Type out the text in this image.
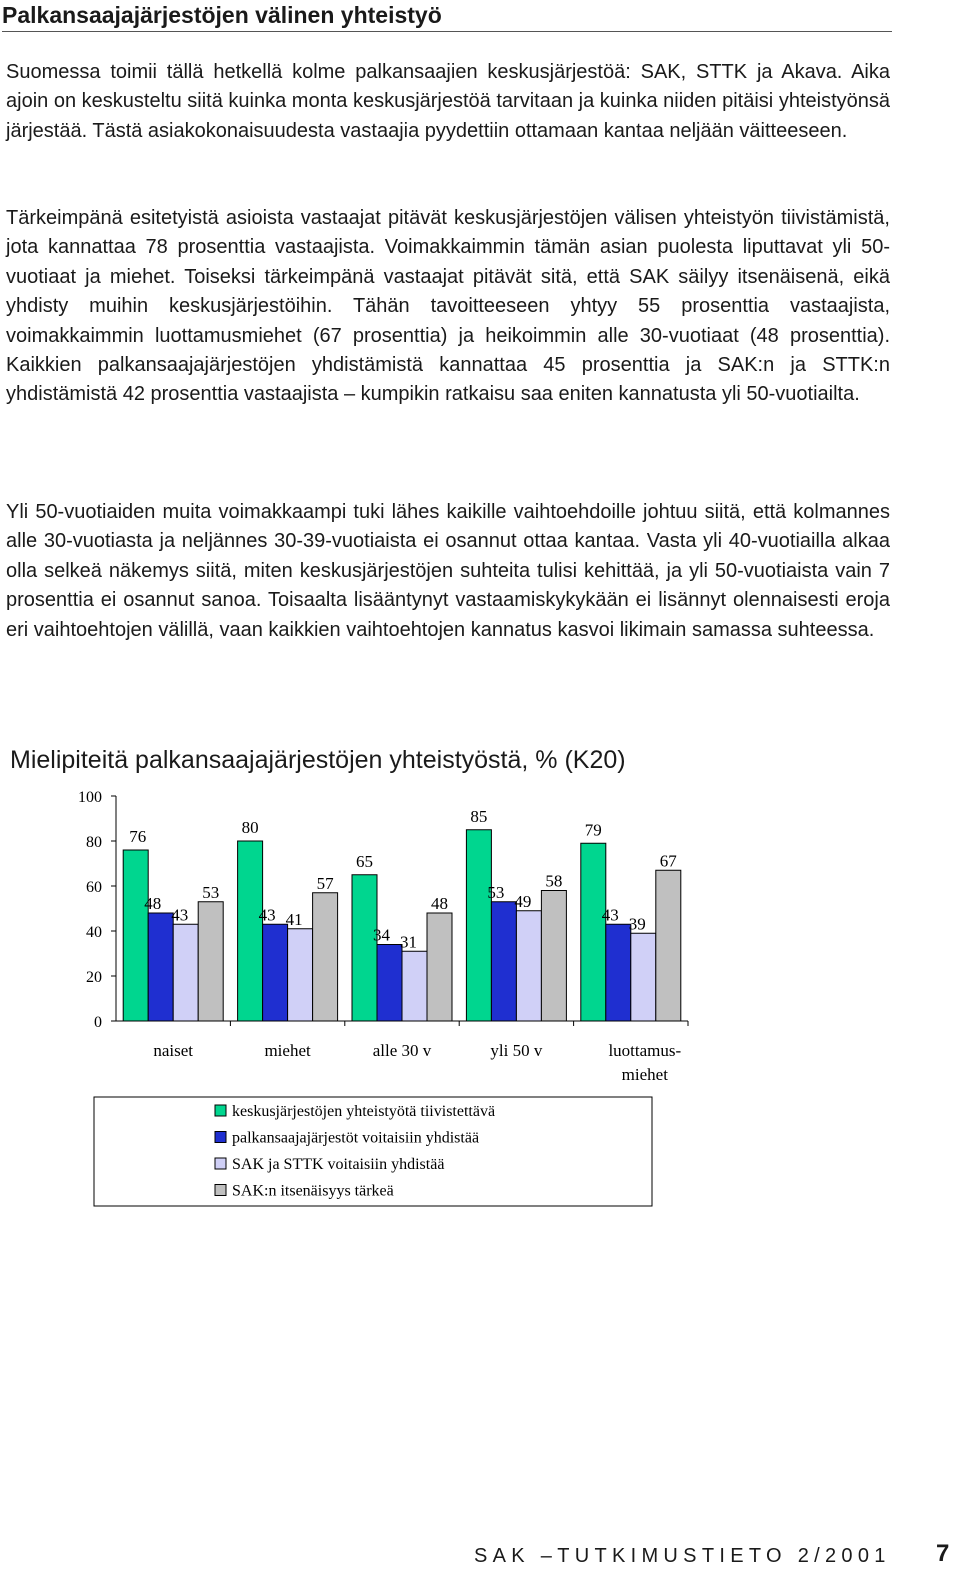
Palkansaajajärjestöjen välinen yhteistyö

Suomessa toimii tällä hetkellä kolme palkansaajien keskusjärjestöä: SAK, STTK ja Akava. Aika ajoin on keskusteltu siitä kuinka monta keskusjärjestöä tarvitaan ja kuinka niiden pitäisi yhteistyönsä järjestää. Tästä asiakokonaisuudesta vastaajia pyydettiin ottamaan kantaa neljään väitteeseen.

Tärkeimpänä esitetyistä asioista vastaajat pitävät keskusjärjestöjen välisen yhteistyön tiivistämistä, jota kannattaa 78 prosenttia vastaajista. Voimakkaimmin tämän asian puolesta liputtavat yli 50-vuotiaat ja miehet. Toiseksi tärkeimpänä vastaajat pitävät sitä, että SAK säilyy itsenäisenä, eikä yhdisty muihin keskusjärjestöihin. Tähän tavoitteeseen yhtyy 55 prosenttia vastaajista, voimakkaimmin luottamusmiehet (67 prosenttia) ja heikoimmin alle 30-vuotiaat (48 prosenttia). Kaikkien palkansaajajärjestöjen yhdistämistä kannattaa 45 prosenttia ja SAK:n ja STTK:n yhdistämistä 42 prosenttia vastaajista – kumpikin ratkaisu saa eniten kannatusta yli 50-vuotiailta.

Yli 50-vuotiaiden muita voimakkaampi tuki lähes kaikille vaihtoehdoille johtuu siitä, että kolmannes alle 30-vuotiasta ja neljännes 30-39-vuotiaista ei osannut ottaa kantaa. Vasta yli 40-vuotiailla alkaa olla selkeä näkemys siitä, miten keskusjärjestöjen suhteita tulisi kehittää, ja yli 50-vuotiaista vain 7 prosenttia ei osannut sanoa. Toisaalta lisääntynyt vastaamiskykykään ei lisännyt olennaisesti eroja eri vaihtoehtojen välillä, vaan kaikkien vaihtoehtojen kannatus kasvoi likimain samassa suhteessa.

Mielipiteitä palkansaajajärjestöjen yhteistyöstä, % (K20)
0
20
40
60
80
100
76
48
43
53
naiset
80
43 41
57
miehet
65
34 31
48
alle 30 v
85
53 49
58
yli 50 v
79
43 39
67
luottamus-
miehet
keskusjärjestöjen yhteistyötä tiivistettävä
palkansaajajärjestöt voitaisiin yhdistää
SAK ja STTK voitaisiin yhdistää
SAK:n itsenäisyys tärkeä
SAK –TUTKIMUSTIETO 2/2001 7
